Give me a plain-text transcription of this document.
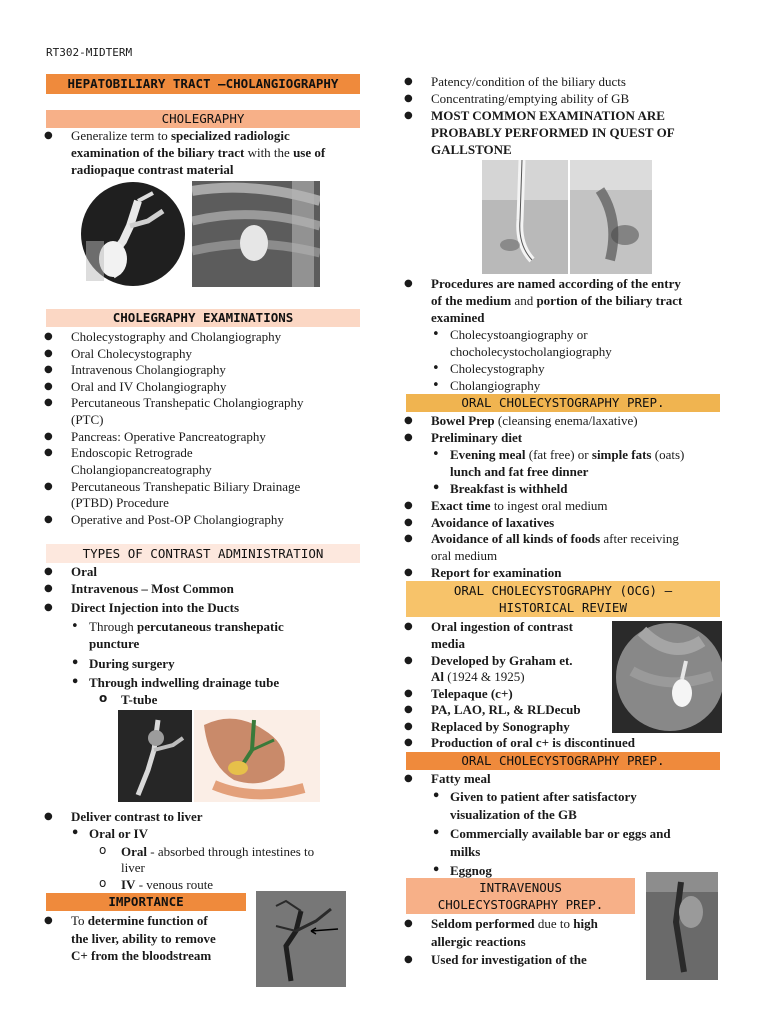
RT302-MIDTERM
HEPATOBILIARY TRACT –CHOLANGIOGRAPHY
CHOLEGRAPHY
● Generalize term to specialized radiologic
examination of the biliary tract with the use of
radiopaque contrast material
CHOLEGRAPHY EXAMINATIONS
● Cholecystography and Cholangiography
● Oral Cholecystography
● Intravenous Cholangiography
● Oral and IV Cholangiography
● Percutaneous Transhepatic Cholangiography
(PTC)
● Pancreas: Operative Pancreatography
● Endoscopic Retrograde
Cholangiopancreatography
● Percutaneous Transhepatic Biliary Drainage
(PTBD) Procedure
● Operative and Post-OP Cholangiography
TYPES OF CONTRAST ADMINISTRATION
● Oral
● Intravenous – Most Common
● Direct Injection into the Ducts
• Through percutaneous transhepatic
puncture
• During surgery
• Through indwelling drainage tube
o T-tube
● Deliver contrast to liver
• Oral or IV
o Oral - absorbed through intestines to
liver
o IV - venous route
IMPORTANCE
● To determine function of
the liver, ability to remove
C+ from the bloodstream
● Patency/condition of the biliary ducts
● Concentrating/emptying ability of GB
● MOST COMMON EXAMINATION ARE
PROBABLY PERFORMED IN QUEST OF
GALLSTONE
● Procedures are named according of the entry
of the medium and portion of the biliary tract
examined
• Cholecystoangiography or
chocholecystocholangiography
• Cholecystography
• Cholangiography
ORAL CHOLECYSTOGRAPHY PREP.
● Bowel Prep (cleansing enema/laxative)
● Preliminary diet
• Evening meal (fat free) or simple fats (oats)
lunch and fat free dinner
• Breakfast is withheld
● Exact time to ingest oral medium
● Avoidance of laxatives
● Avoidance of all kinds of foods after receiving
oral medium
● Report for examination
ORAL CHOLECYSTOGRAPHY (OCG) –
HISTORICAL REVIEW
● Oral ingestion of contrast
media
● Developed by Graham et.
Al (1924 & 1925)
● Telepaque (c+)
● PA, LAO, RL, & RLDecub
● Replaced by Sonography
● Production of oral c+ is discontinued
ORAL CHOLECYSTOGRAPHY PREP.
● Fatty meal
• Given to patient after satisfactory
visualization of the GB
• Commercially available bar or eggs and
milks
• Eggnog
INTRAVENOUS
CHOLECYSTOGRAPHY PREP.
● Seldom performed due to high
allergic reactions
● Used for investigation of the
